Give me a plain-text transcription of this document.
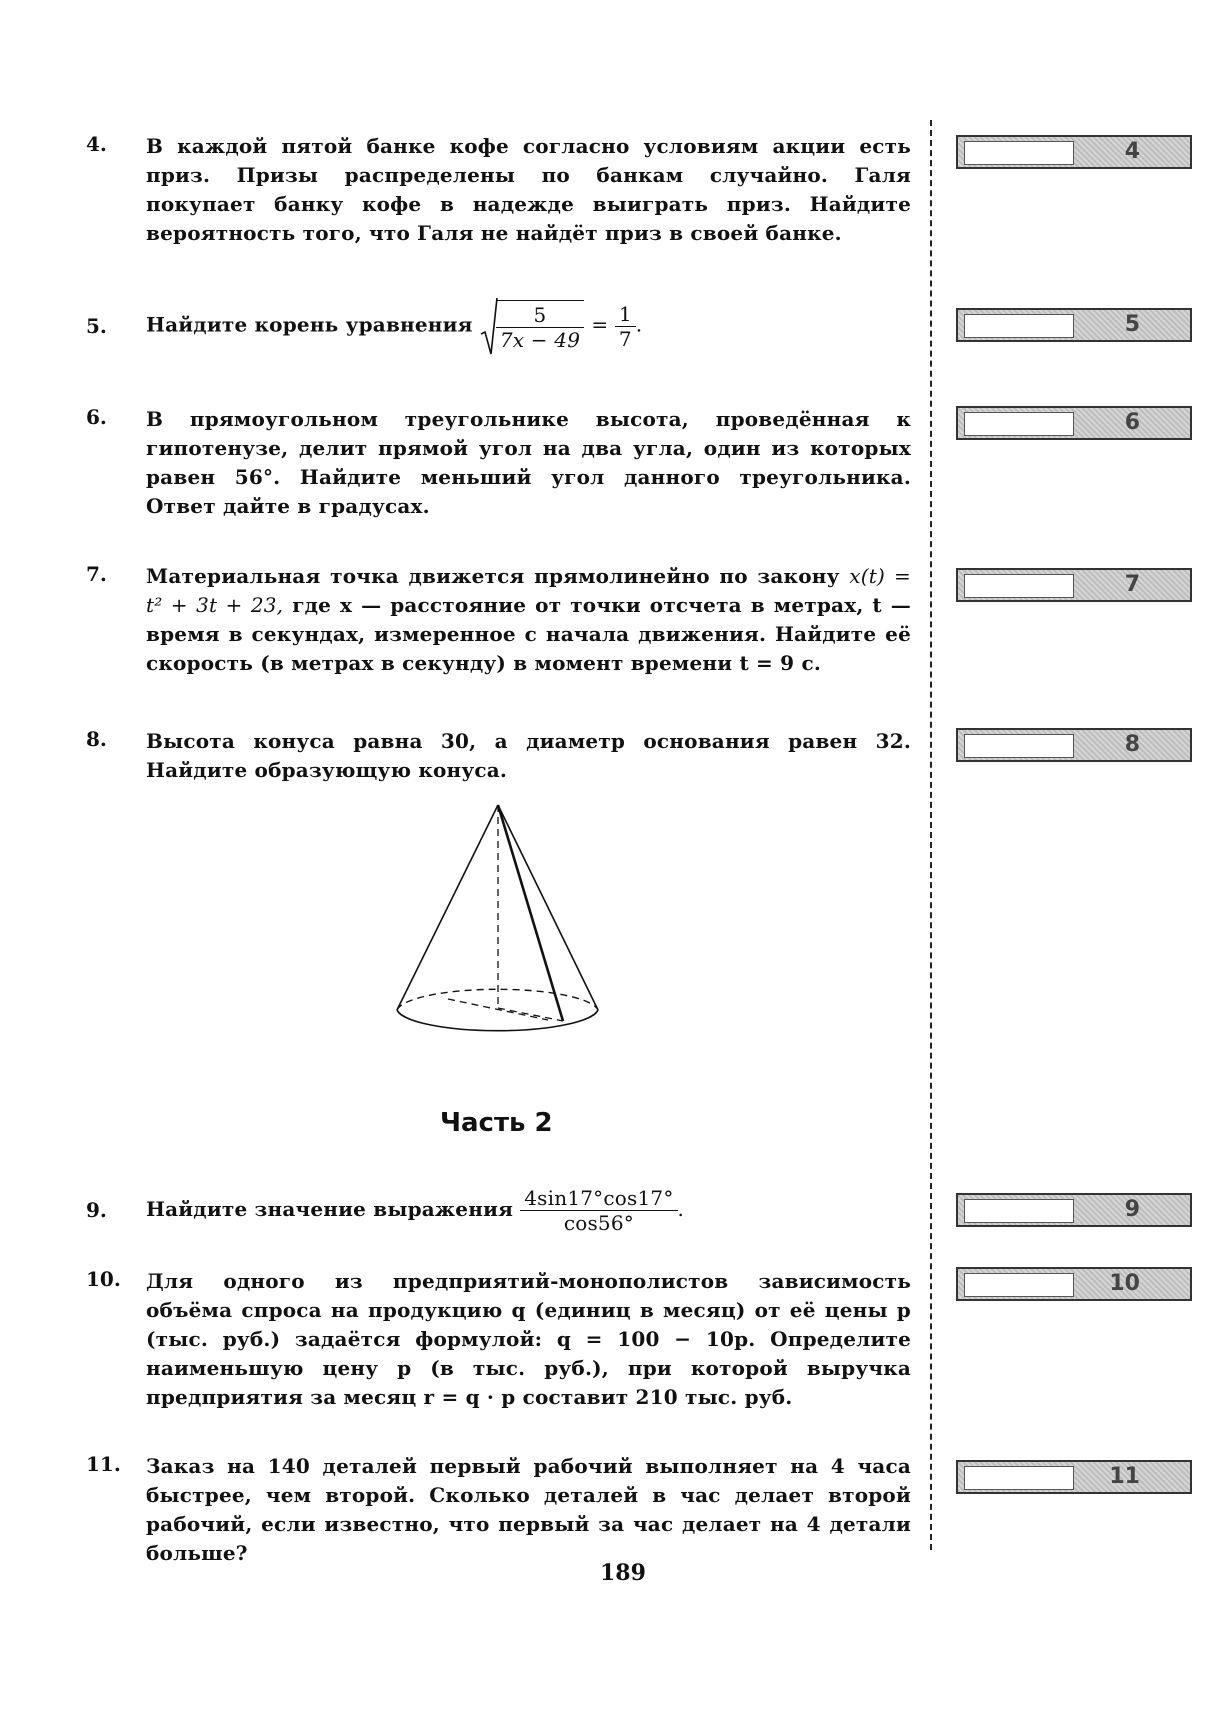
4. В каждой пятой банке кофе согласно условиям акции есть приз. Призы распределены по банкам случайно. Галя покупает банку кофе в надежде выиграть приз. Найдите вероятность того, что Галя не найдёт приз в своей банке.
4
5. Найдите корень уравнения $\frac{5}{7x - 49} = \frac{1}{7}$ .	5
6. В прямоугольном треугольнике высота, проведённая к гипотенузе, делит прямой угол на два угла, один из которых равен 56°. Найдите меньший угол данного треугольника. Ответ дайте в градусах.
6
7. Материальная точка движется прямолинейно по закону x(t) = t² + 3t + 23, где x — расстояние от точки отсчета в метрах, t — время в секундах, измеренное с начала движения. Найдите её скорость (в метрах в секунду) в момент времени t = 9 с.
7
8. Высота конуса равна 30, а диаметр основания равен 32. Найдите образующую конуса.
8
Часть 2
9. Найдите значение выражения $\frac{4\sin 17^\circ\cos 17^\circ}{\cos 56^\circ}$ .	9
10. Для одного из предприятий-монополистов зависимость объёма спроса на продукцию q (единиц в месяц) от её цены p (тыс. руб.) задаётся формулой: q = 100 − 10p. Определите наименьшую цену p (в тыс. руб.), при которой выручка предприятия за месяц r = q · p составит 210 тыс. руб.
10
11. Заказ на 140 деталей первый рабочий выполняет на 4 часа быстрее, чем второй. Сколько деталей в час делает второй рабочий, если известно, что первый за час делает на 4 детали больше?
11
189
